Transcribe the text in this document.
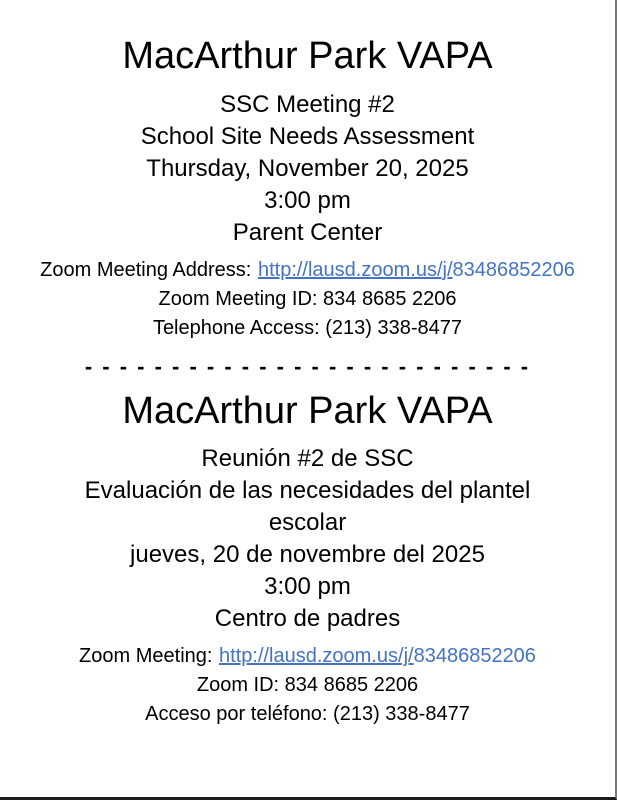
MacArthur Park VAPA
SSC Meeting #2
School Site Needs Assessment
Thursday, November 20, 2025
3:00 pm
Parent Center
Zoom Meeting Address: http://lausd.zoom.us/j/83486852206
Zoom Meeting ID: 834 8685 2206
Telephone Access: (213) 338-8477
- - - - - - - - - - - - - - - - - - - - - - - - - -
MacArthur Park VAPA
Reunión #2 de SSC
Evaluación de las necesidades del plantel escolar
jueves, 20 de novembre del 2025
3:00 pm
Centro de padres
Zoom Meeting: http://lausd.zoom.us/j/83486852206
Zoom ID: 834 8685 2206
Acceso por teléfono: (213) 338-8477
